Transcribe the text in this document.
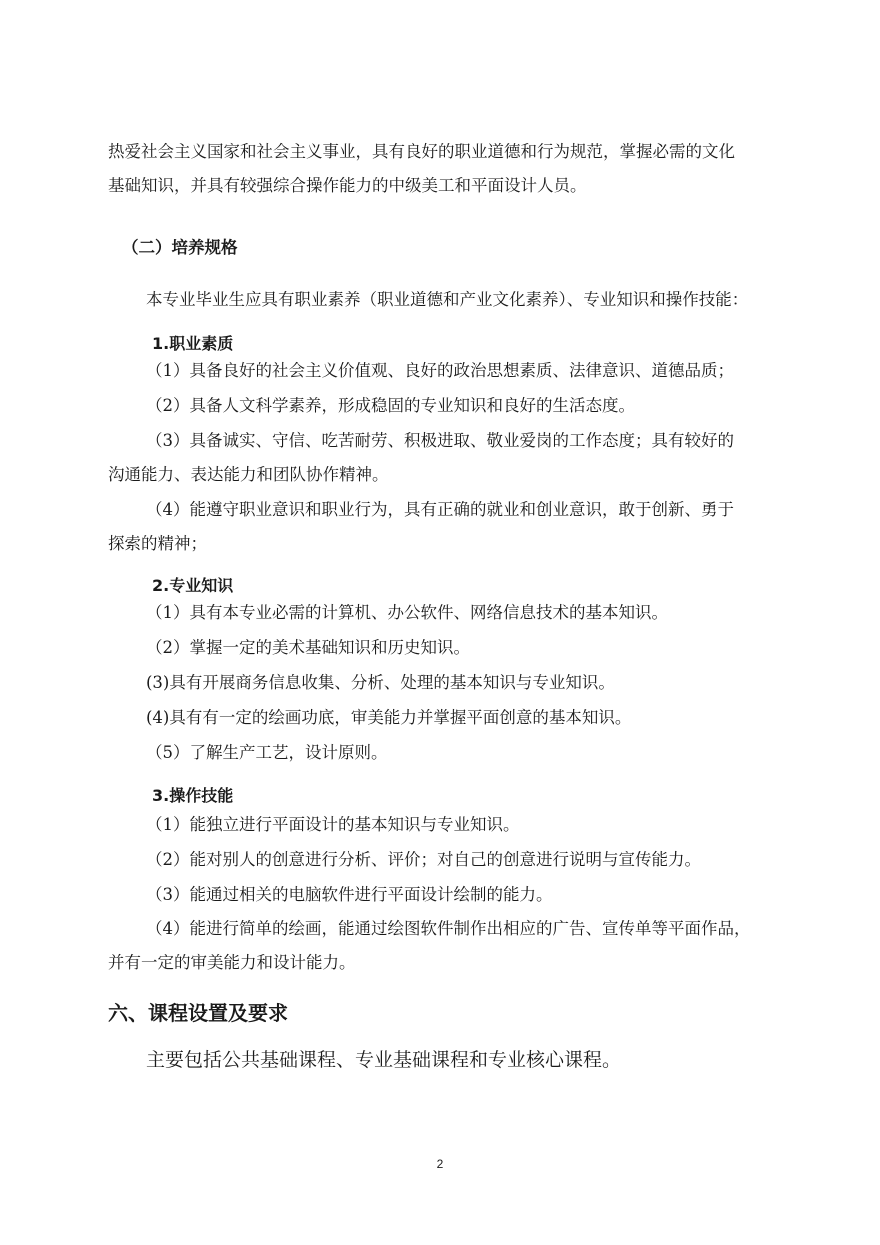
热爱社会主义国家和社会主义事业，具有良好的职业道德和行为规范，掌握必需的文化

基础知识，并具有较强综合操作能力的中级美工和平面设计人员。

（二）培养规格

本专业毕业生应具有职业素养（职业道德和产业文化素养）、专业知识和操作技能：

1.职业素质

（1）具备良好的社会主义价值观、良好的政治思想素质、法律意识、道德品质；

（2）具备人文科学素养，形成稳固的专业知识和良好的生活态度。

（3）具备诚实、守信、吃苦耐劳、积极进取、敬业爱岗的工作态度；具有较好的

沟通能力、表达能力和团队协作精神。

（4）能遵守职业意识和职业行为，具有正确的就业和创业意识，敢于创新、勇于

探索的精神；

2.专业知识

（1）具有本专业必需的计算机、办公软件、网络信息技术的基本知识。

（2）掌握一定的美术基础知识和历史知识。

(3)具有开展商务信息收集、分析、处理的基本知识与专业知识。

(4)具有有一定的绘画功底，审美能力并掌握平面创意的基本知识。

（5）了解生产工艺，设计原则。

3.操作技能

（1）能独立进行平面设计的基本知识与专业知识。

（2）能对别人的创意进行分析、评价；对自己的创意进行说明与宣传能力。

（3）能通过相关的电脑软件进行平面设计绘制的能力。

（4）能进行简单的绘画，能通过绘图软件制作出相应的广告、宣传单等平面作品，

并有一定的审美能力和设计能力。

六、课程设置及要求

主要包括公共基础课程、专业基础课程和专业核心课程。

2
